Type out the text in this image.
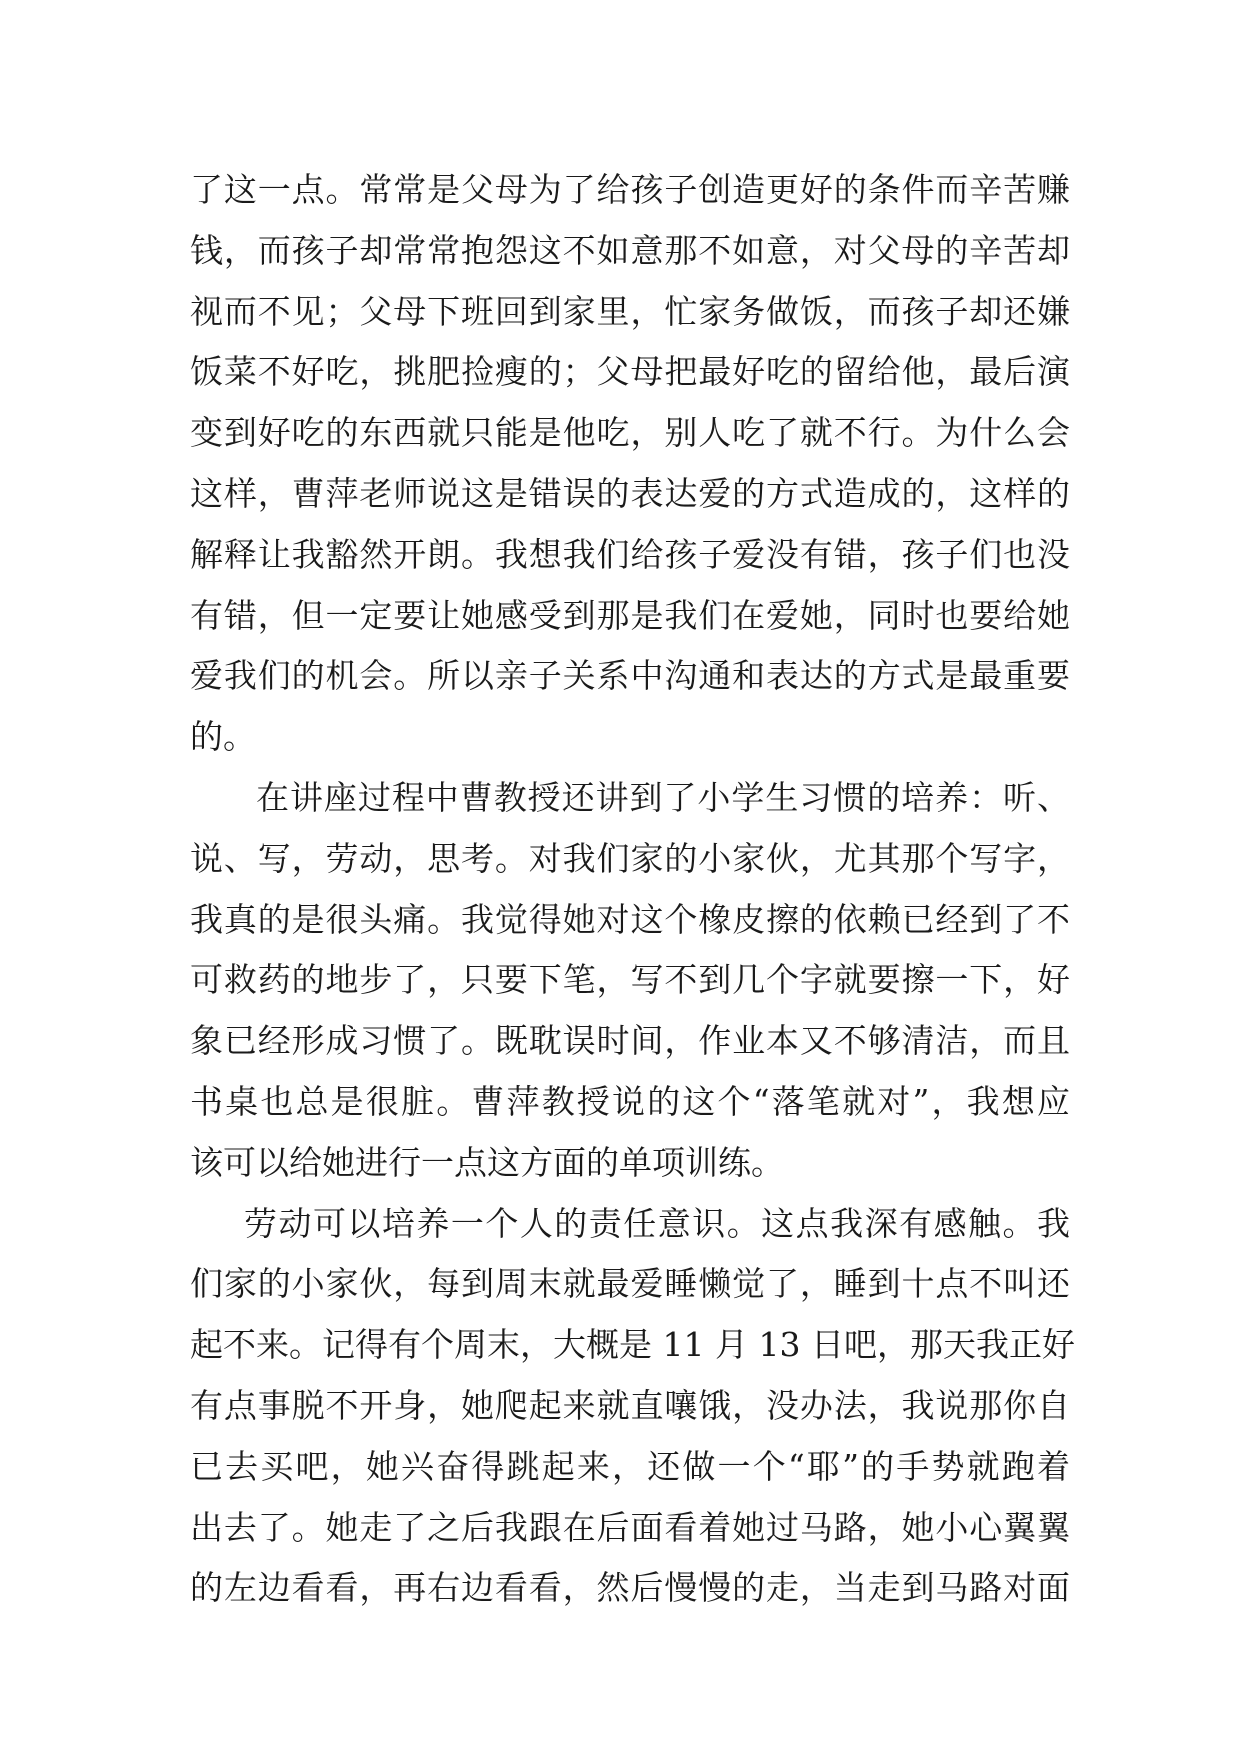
了这一点。常常是父母为了给孩子创造更好的条件而辛苦赚
钱，而孩子却常常抱怨这不如意那不如意，对父母的辛苦却
视而不见；父母下班回到家里，忙家务做饭，而孩子却还嫌
饭菜不好吃，挑肥捡瘦的；父母把最好吃的留给他，最后演
变到好吃的东西就只能是他吃，别人吃了就不行。为什么会
这样，曹萍老师说这是错误的表达爱的方式造成的，这样的
解释让我豁然开朗。我想我们给孩子爱没有错，孩子们也没
有错，但一定要让她感受到那是我们在爱她，同时也要给她
爱我们的机会。所以亲子关系中沟通和表达的方式是最重要
的。
在讲座过程中曹教授还讲到了小学生习惯的培养：听、
说、写，劳动，思考。对我们家的小家伙，尤其那个写字，
我真的是很头痛。我觉得她对这个橡皮擦的依赖已经到了不
可救药的地步了，只要下笔，写不到几个字就要擦一下，好
象已经形成习惯了。既耽误时间，作业本又不够清洁，而且
书桌也总是很脏。曹萍教授说的这个“落笔就对”，我想应
该可以给她进行一点这方面的单项训练。
劳动可以培养一个人的责任意识。这点我深有感触。我
们家的小家伙，每到周末就最爱睡懒觉了，睡到十点不叫还
起不来。记得有个周末，大概是 11 月 13 日吧，那天我正好
有点事脱不开身，她爬起来就直嚷饿，没办法，我说那你自
已去买吧，她兴奋得跳起来，还做一个“耶”的手势就跑着
出去了。她走了之后我跟在后面看着她过马路，她小心翼翼
的左边看看，再右边看看，然后慢慢的走，当走到马路对面
